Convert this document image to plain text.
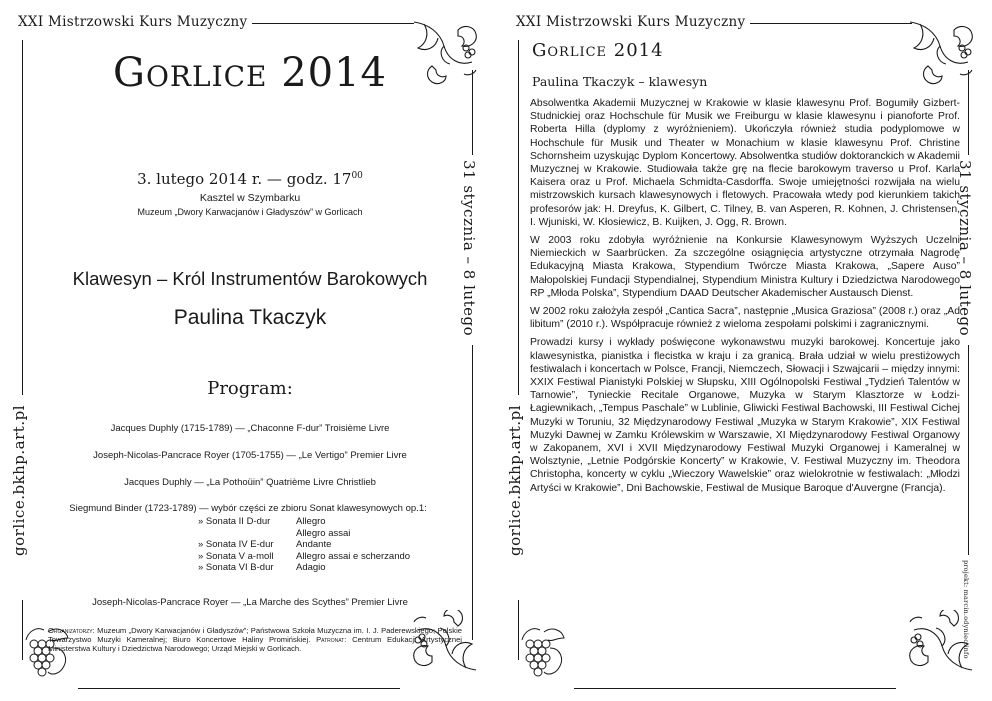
XXI Mistrzowski Kurs Muzyczny
31 stycznia – 8 lutego
gorlice.bkhp.art.pl
Gorlice 2014
3. lutego 2014 r. — godz. $17^{00}$
Kasztel w Szymbarku
Muzeum „Dwory Karwacjanów i Gładyszów” w Gorlicach
Klawesyn – Król Instrumentów Barokowych
Paulina Tkaczyk
Program:
Jacques Duphly (1715-1789) — „Chaconne F-dur” Troisième Livre
Joseph-Nicolas-Pancrace Royer (1705-1755) — „Le Vertigo” Premier Livre
Jacques Duphly — „La Pothoüin” Quatrième Livre Christlieb
Siegmund Binder (1723-1789) — wybór części ze zbioru Sonat klawesynowych op.1:
» Sonata II D-dur	Allegro
Allegro assai
» Sonata IV E-dur	Andante
» Sonata V a-moll	Allegro assai e scherzando
» Sonata VI B-dur	Adagio
Joseph-Nicolas-Pancrace Royer — „La Marche des Scythes” Premier Livre
Organizatorzy: Muzeum „Dwory Karwacjanów i Gładyszów”; Państwowa Szkoła Muzyczna im. I. J. Paderewskiego; Polskie Towarzystwo Muzyki Kameralnej; Biuro Koncertowe Haliny Promińskiej. Patronat: Centrum Edukacji Artystycznej Ministerstwa Kultury i Dziedzictwa Narodowego; Urząd Miejski w Gorlicach.
XXI Mistrzowski Kurs Muzyczny
31 stycznia – 8 lutego
projekt: marcin.odyniec.info
gorlice.bkhp.art.pl
Gorlice 2014
Paulina Tkaczyk – klawesyn

Absolwentka Akademii Muzycznej w Krakowie w klasie klawesynu Prof. Bogumiły Gizbert-Studnickiej oraz Hochschule für Musik we Freiburgu w klasie klawesynu i pianoforte Prof. Roberta Hilla (dyplomy z wyróżnieniem). Ukończyła również studia podyplomowe w Hochschule für Musik und Theater w Monachium w klasie klawesynu Prof. Christine Schornsheim uzyskując Dyplom Koncertowy. Absolwentka studiów doktoranckich w Akademii Muzycznej w Krakowie. Studiowała także grę na flecie barokowym traverso u Prof. Karla Kaisera oraz u Prof. Michaela Schmidta-Casdorffa. Swoje umiejętności rozwijała na wielu mistrzowskich kursach klawesynowych i fletowych. Pracowała wtedy pod kierunkiem takich profesorów jak: H. Dreyfus, K. Gilbert, C. Tilney, B. van Asperen, R. Kohnen, J. Christensen, I. Wjuniski, W. Kłosiewicz, B. Kuijken, J. Ogg, R. Brown.

W 2003 roku zdobyła wyróżnienie na Konkursie Klawesynowym Wyższych Uczelni Niemieckich w Saarbrücken. Za szczególne osiągnięcia artystyczne otrzymała Nagrodę Edukacyjną Miasta Krakowa, Stypendium Twórcze Miasta Krakowa, „Sapere Auso” Małopolskiej Fundacji Stypendialnej, Stypendium Ministra Kultury i Dziedzictwa Narodowego RP „Młoda Polska”, Stypendium DAAD Deutscher Akademischer Austausch Dienst.

W 2002 roku założyła zespół „Cantica Sacra”, następnie „Musica Graziosa” (2008 r.) oraz „Ad libitum” (2010 r.). Współpracuje również z wieloma zespołami polskimi i zagranicznymi.

Prowadzi kursy i wykłady poświęcone wykonawstwu muzyki barokowej. Koncertuje jako klawesynistka, pianistka i flecistka w kraju i za granicą. Brała udział w wielu prestiżowych festiwalach i koncertach w Polsce, Francji, Niemczech, Słowacji i Szwajcarii – między innymi: XXIX Festiwal Pianistyki Polskiej w Słupsku, XIII Ogólnopolski Festiwal „Tydzień Talentów w Tarnowie”, Tynieckie Recitale Organowe, Muzyka w Starym Klasztorze w Łodzi-Łagiewnikach, „Tempus Paschale” w Lublinie, Gliwicki Festiwal Bachowski, III Festiwal Cichej Muzyki w Toruniu, 32 Międzynarodowy Festiwal „Muzyka w Starym Krakowie”, XIX Festiwal Muzyki Dawnej w Zamku Królewskim w Warszawie, XI Międzynarodowy Festiwal Organowy w Zakopanem, XVI i XVII Międzynarodowy Festiwal Muzyki Organowej i Kameralnej w Wolsztynie, „Letnie Podgórskie Koncerty” w Krakowie, V. Festiwal Muzyczny im. Theodora Christopha, koncerty w cyklu „Wieczory Wawelskie” oraz wielokrotnie w festiwalach: „Młodzi Artyści w Krakowie”, Dni Bachowskie, Festiwal de Musique Baroque d'Auvergne (Francja).
